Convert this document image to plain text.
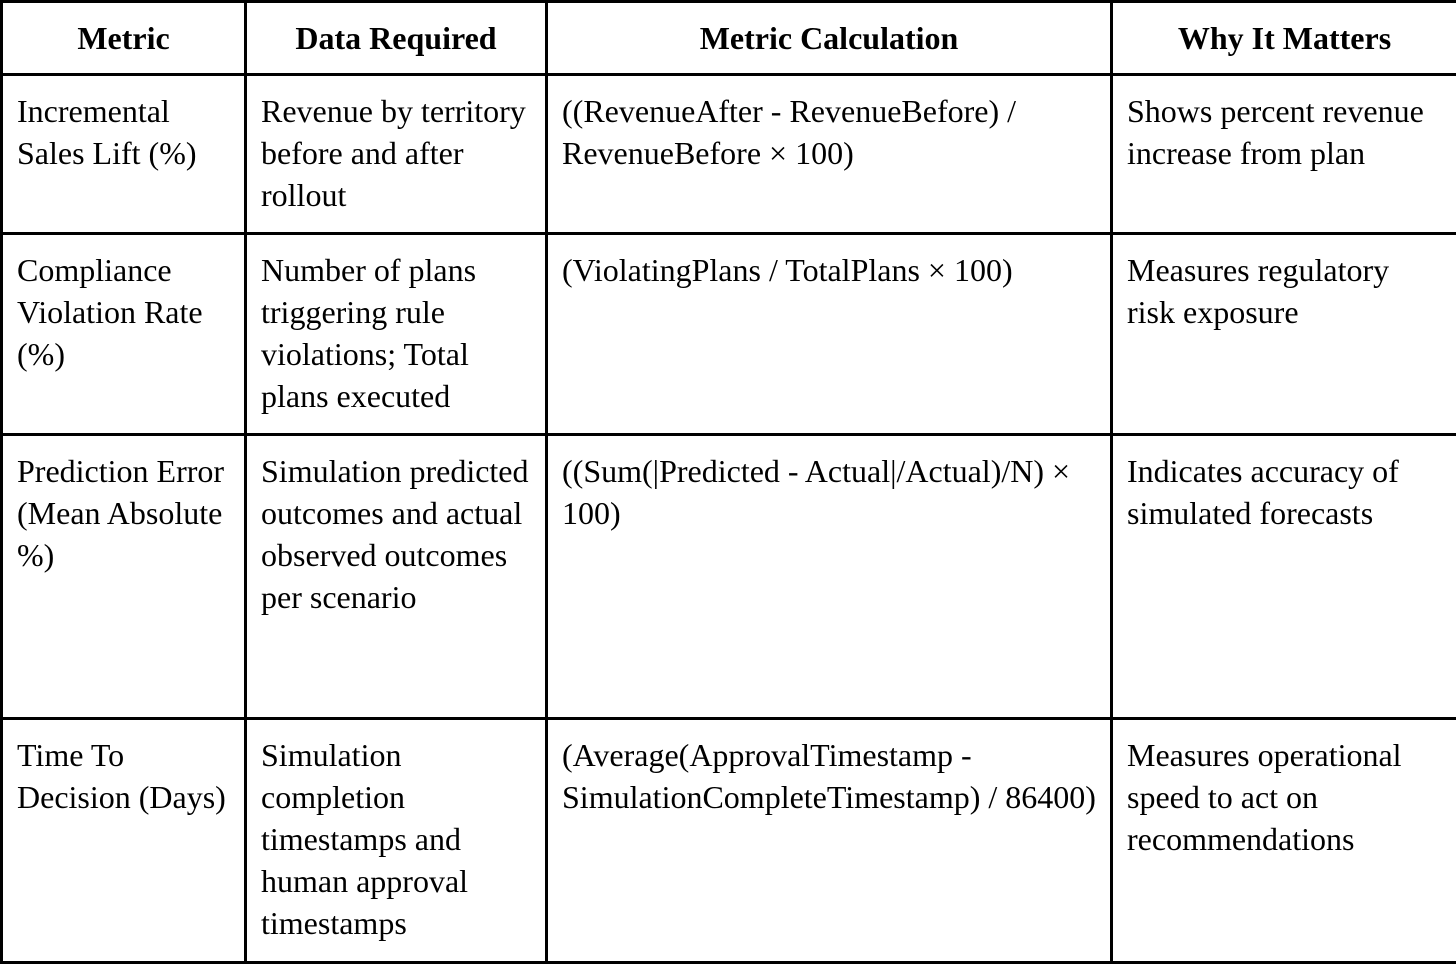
Metric	Data Required	Metric Calculation	Why It Matters
Incremental Sales Lift (%)	Revenue by territory before and after rollout	((RevenueAfter - RevenueBefore) / RevenueBefore × 100)	Shows percent revenue increase from plan
Compliance Violation Rate (%)	Number of plans triggering rule violations; Total plans executed	(ViolatingPlans / TotalPlans × 100)	Measures regulatory risk exposure
Prediction Error (Mean Absolute %)	Simulation predicted outcomes and actual observed outcomes per scenario	((Sum(|Predicted - Actual|/Actual)/N) × 100)	Indicates accuracy of simulated forecasts
Time To Decision (Days)	Simulation completion timestamps and human approval timestamps	(Average(ApprovalTimestamp - SimulationCompleteTimestamp) / 86400)	Measures operational speed to act on recommendations
